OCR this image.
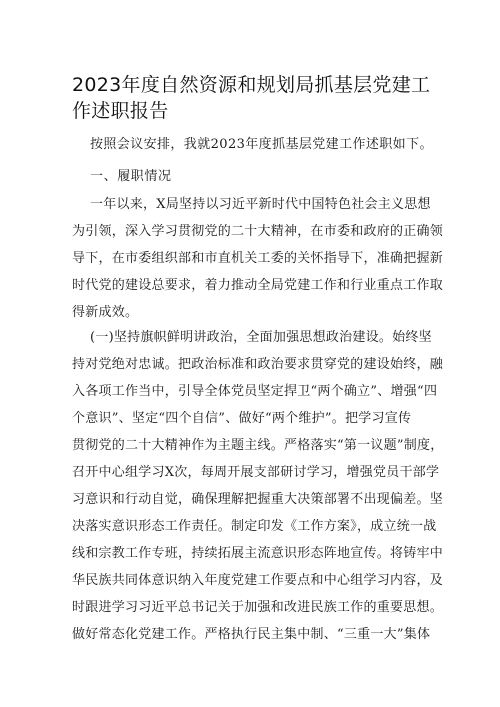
2023年度自然资源和规划局抓基层党建工
作述职报告

按照会议安排，我就2023年度抓基层党建工作述职如下。

一、履职情况

一年以来，X局坚持以习近平新时代中国特色社会主义思想
为引领，深入学习贯彻党的二十大精神，在市委和政府的正确领
导下，在市委组织部和市直机关工委的关怀指导下，准确把握新
时代党的建设总要求，着力推动全局党建工作和行业重点工作取
得新成效。
(一)坚持旗帜鲜明讲政治，全面加强思想政治建设。始终坚
持对党绝对忠诚。把政治标准和政治要求贯穿党的建设始终，融
入各项工作当中，引导全体党员坚定捍卫“两个确立”、增强“四
个意识”、坚定“四个自信”、做好“两个维护”。把学习宣传
贯彻党的二十大精神作为主题主线。严格落实“第一议题”制度，
召开中心组学习X次，每周开展支部研讨学习，增强党员干部学
习意识和行动自觉，确保理解把握重大决策部署不出现偏差。坚
决落实意识形态工作责任。制定印发《工作方案》，成立统一战
线和宗教工作专班，持续拓展主流意识形态阵地宣传。将铸牢中
华民族共同体意识纳入年度党建工作要点和中心组学习内容，及
时跟进学习习近平总书记关于加强和改进民族工作的重要思想。
做好常态化党建工作。严格执行民主集中制、“三重一大”集体
